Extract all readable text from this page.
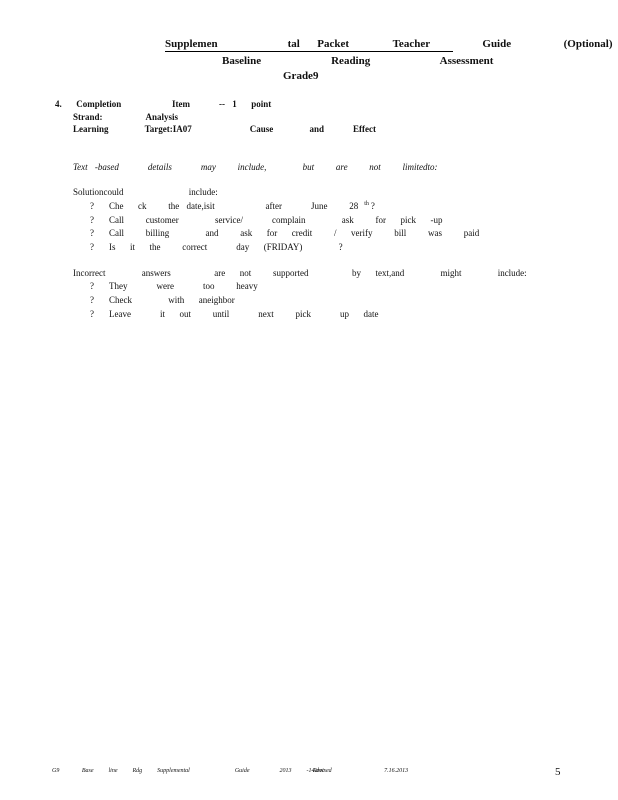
Supplemen        tal  Packet     Teacher      Guide      (Optional)
Baseline        Reading        Assessment
Grade9
4.  Completion       Item    -- 1  point
Strand:      Analysis
Learning     Target:IA07        Cause     and    Effect
Text -based    details    may   include,     but   are   not   limitedto:
Solutioncould         include:
? Che  ck   the date,isit       after    June   28 $^{th}$ ?
? Call   customer     service/    complain     ask   for  pick  -up
? Call   billing     and   ask  for  credit   /  verify   bill   was   paid
? Is  it  the   correct    day  (FRIDAY)     ?
Incorrect     answers      are  not   supported      by  text,and     might     include:
? They    were    too   heavy
? Check     with  aneighbor
? Leave    it  out   until    next   pick    up  date
G9   Base  line  Rdg  Supplemental      Guide    2013  -14.doc
Revised       7.16.2013	5
